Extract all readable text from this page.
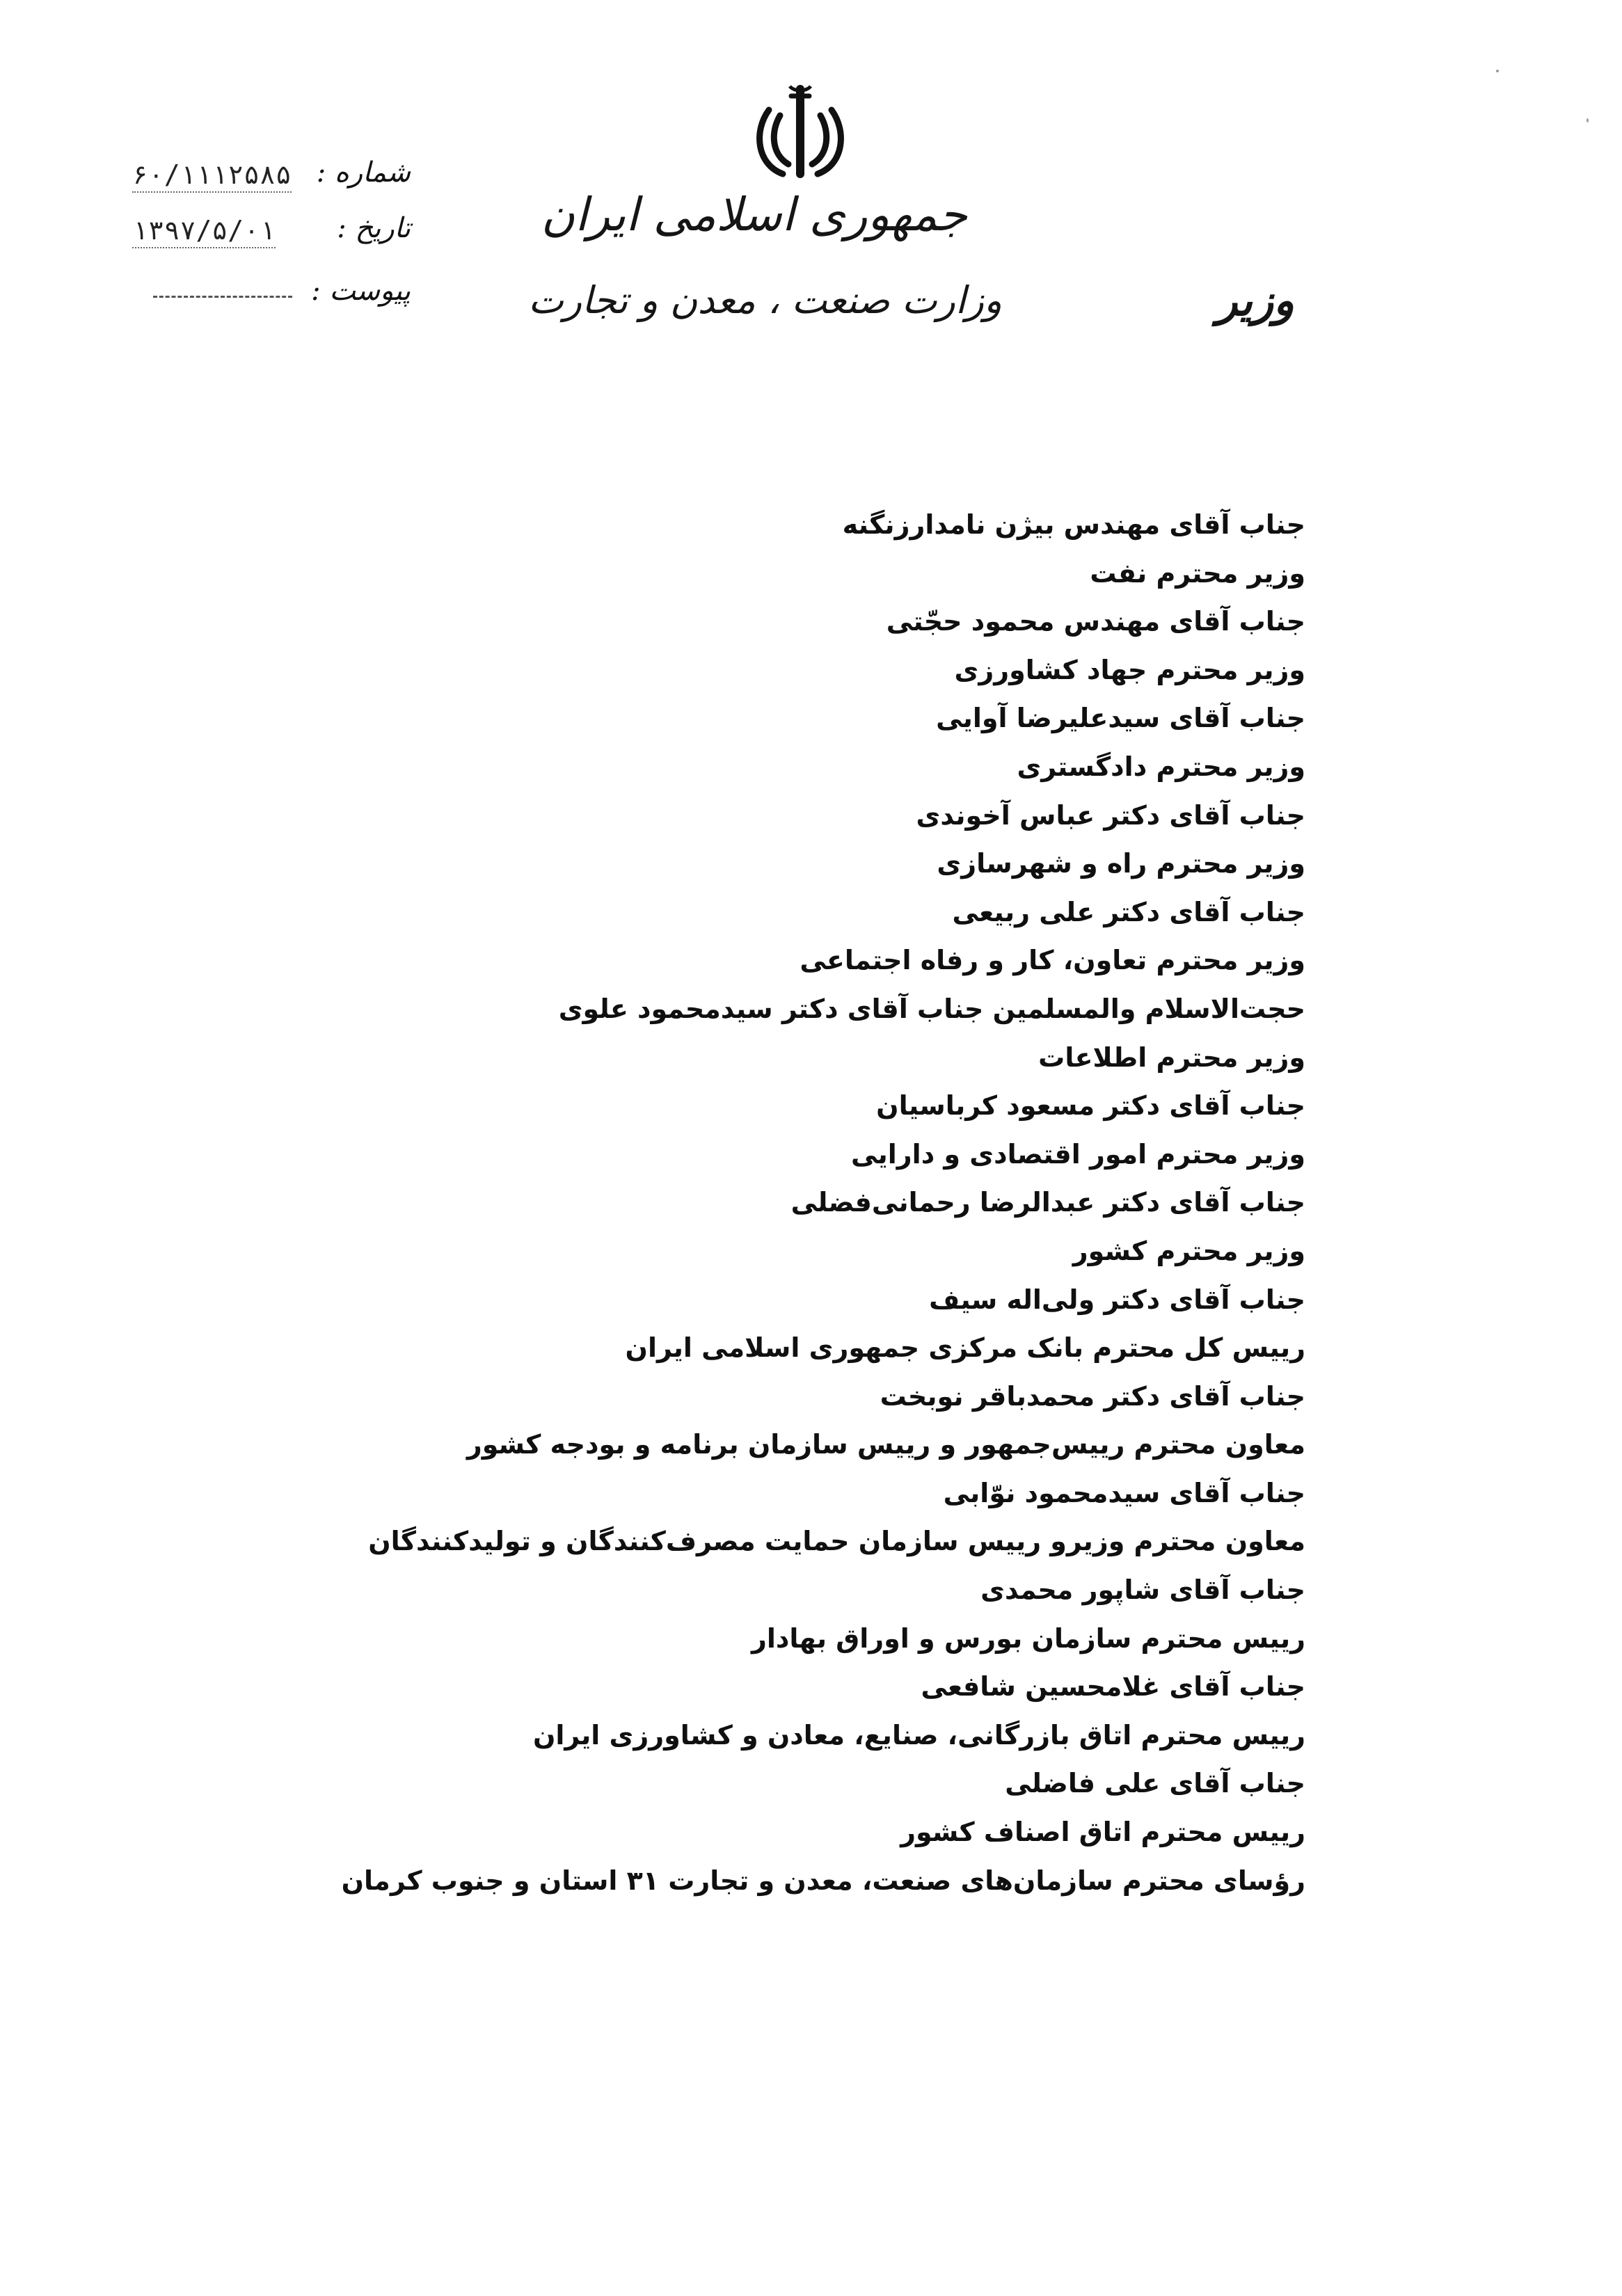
جمهوری اسلامی ایران
وزارت صنعت ، معدن و تجارت	وزیر
شماره :
۶۰/۱۱۱۲۵۸۵
تاریخ :
۱۳۹۷/۵/۰۱
پیوست :
جناب آقای مهندس بیژن نامدارزنگنه
وزیر محترم نفت
جناب آقای مهندس محمود حجّتی
وزیر محترم جهاد کشاورزی
جناب آقای سیدعلیرضا آوایی
وزیر محترم دادگستری
جناب آقای دکتر عباس آخوندی
وزیر محترم راه و شهرسازی
جناب آقای دکتر علی ربیعی
وزیر محترم تعاون، کار و رفاه اجتماعی
حجت‌الاسلام والمسلمین جناب آقای دکتر سیدمحمود علوی
وزیر محترم اطلاعات
جناب آقای دکتر مسعود کرباسیان
وزیر محترم امور اقتصادی و دارایی
جناب آقای دکتر عبدالرضا رحمانی‌فضلی
وزیر محترم کشور
جناب آقای دکتر ولی‌اله سیف
رییس کل محترم بانک مرکزی جمهوری اسلامی ایران
جناب آقای دکتر محمدباقر نوبخت
معاون محترم رییس‌جمهور و رییس سازمان برنامه و بودجه کشور
جناب آقای سیدمحمود نوّابی
معاون محترم وزیرو رییس سازمان حمایت مصرف‌کنندگان و تولیدکنندگان
جناب آقای شاپور محمدی
رییس محترم سازمان بورس و اوراق بهادار
جناب آقای غلامحسین شافعی
رییس محترم اتاق بازرگانی، صنایع، معادن و کشاورزی ایران
جناب آقای علی فاضلی
رییس محترم اتاق اصناف کشور
رؤسای محترم سازمان‌های صنعت، معدن و تجارت ۳۱ استان و جنوب کرمان
